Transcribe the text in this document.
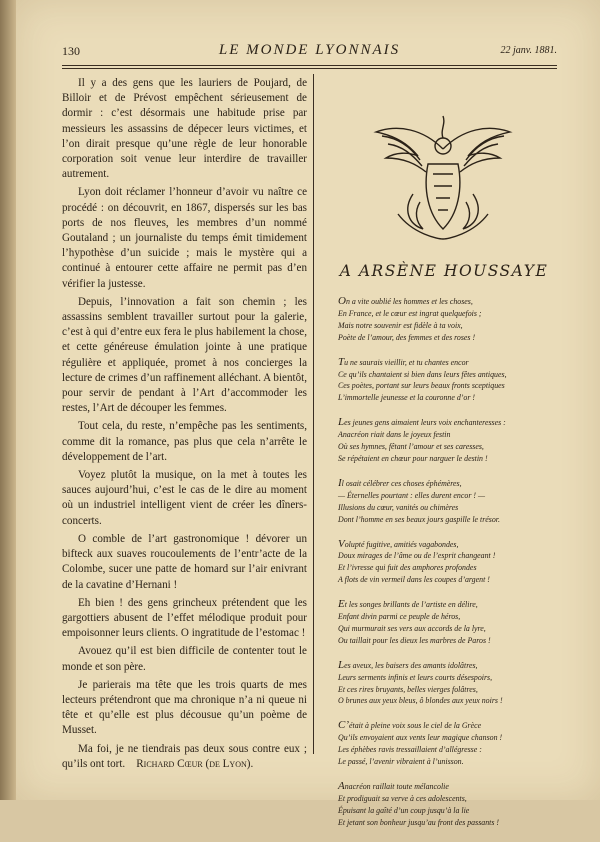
130	LE MONDE LYONNAIS	22 janv. 1881.

Il y a des gens que les lauriers de Poujard, de Billoir et de Prévost empêchent sérieusement de dormir : c’est désormais une habitude prise par messieurs les assassins de dépecer leurs victimes, et l’on dirait presque qu’une règle de leur honorable corporation soit venue leur interdire de travailler autrement.

Lyon doit réclamer l’honneur d’avoir vu naître ce procédé : on découvrit, en 1867, dispersés sur les bas ports de nos fleuves, les membres d’un nommé Goutaland ; un journaliste du temps émit timidement l’hypothèse d’un suicide ; mais le mystère qui a continué à entourer cette affaire ne permit pas d’en vérifier la justesse.

Depuis, l’innovation a fait son chemin ; les assassins semblent travailler surtout pour la galerie, c’est à qui d’entre eux fera le plus habilement la chose, et cette généreuse émulation jointe à une pratique régulière et appliquée, promet à nos concierges la lecture de crimes d’un raffinement alléchant. A bientôt, pour servir de pendant à l’Art d’accommoder les restes, l’Art de découper les femmes.

Tout cela, du reste, n’empêche pas les sentiments, comme dit la romance, pas plus que cela n’arrête le développement de l’art.

Voyez plutôt la musique, on la met à toutes les sauces aujourd’hui, c’est le cas de le dire au moment où un industriel intelligent vient de créer les dîners-concerts.

O comble de l’art gastronomique ! dévorer un bifteck aux suaves roucoulements de l’entr’acte de la Colombe, sucer une patte de homard sur l’air enivrant de la cavatine d’Hernani !

Eh bien ! des gens grincheux prétendent que les gargottiers abusent de l’effet mélodique produit pour empoisonner leurs clients. O ingratitude de l’estomac !

Avouez qu’il est bien difficile de contenter tout le monde et son père.

Je parierais ma tête que les trois quarts de mes lecteurs prétendront que ma chronique n’a ni queue ni tête et qu’elle est plus décousue qu’un poème de Musset.

Ma foi, je ne tiendrais pas deux sous contre eux ; qu’ils ont tort. Richard Cœur (de Lyon).

A ARSÈNE HOUSSAYE
On a vite oublié les hommes et les choses,
En France, et le cœur est ingrat quelquefois ;
Mais notre souvenir est fidèle à ta voix,
Poète de l’amour, des femmes et des roses !
Tu ne saurais vieillir, et tu chantes encor
Ce qu’ils chantaient si bien dans leurs fêtes antiques,
Ces poètes, portant sur leurs beaux fronts sceptiques
L’immortelle jeunesse et la couronne d’or !
Les jeunes gens aimaient leurs voix enchanteresses :
Anacréon riait dans le joyeux festin
Où ses hymnes, fêtant l’amour et ses caresses,
Se répétaient en chœur pour narguer le destin !
Il osait célébrer ces choses éphémères,
— Éternelles pourtant : elles durent encor ! —
Illusions du cœur, vanités ou chimères
Dont l’homme en ses beaux jours gaspille le trésor.
Volupté fugitive, amitiés vagabondes,
Doux mirages de l’âme ou de l’esprit changeant !
Et l’ivresse qui fuit des amphores profondes
A flots de vin vermeil dans les coupes d’argent !
Et les songes brillants de l’artiste en délire,
Enfant divin parmi ce peuple de héros,
Qui murmurait ses vers aux accords de la lyre,
Ou taillait pour les dieux les marbres de Paros !
Les aveux, les baisers des amants idolâtres,
Leurs serments infinis et leurs courts désespoirs,
Et ces rires bruyants, belles vierges folâtres,
O brunes aux yeux bleus, ô blondes aux yeux noirs !
C’était à pleine voix sous le ciel de la Grèce
Qu’ils envoyaient aux vents leur magique chanson !
Les éphèbes ravis tressaillaient d’allégresse :
Le passé, l’avenir vibraient à l’unisson.
Anacréon raillait toute mélancolie
Et prodiguait sa verve à ces adolescents,
Épuisant la gaîté d’un coup jusqu’à la lie
Et jetant son bonheur jusqu’au front des passants !
